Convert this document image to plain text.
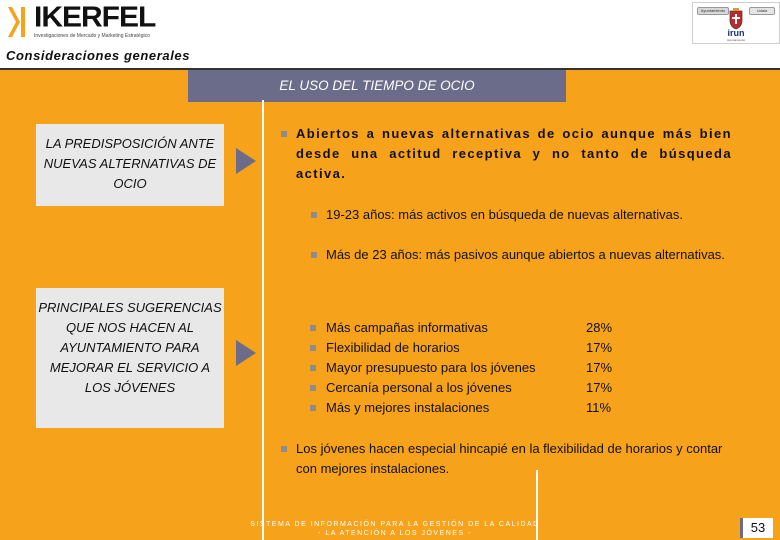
IKERFEL
Investigaciones de Mercado y Marketing Estratégico
Ayuntamiento	Udala
irun
Ayuntamiento
Consideraciones generales
EL USO DEL TIEMPO DE OCIO
LA PREDISPOSICIÓN ANTE NUEVAS ALTERNATIVAS DE OCIO
PRINCIPALES SUGERENCIAS QUE NOS HACEN AL AYUNTAMIENTO PARA MEJORAR EL SERVICIO A LOS JÓVENES
Abiertos a nuevas alternativas de ocio aunque más bien desde una actitud receptiva y no tanto de búsqueda activa.
19-23 años: más activos en búsqueda de nuevas alternativas.
Más de 23 años: más pasivos aunque abiertos a nuevas alternativas.
Más campañas informativas	28%
Flexibilidad de horarios	17%
Mayor presupuesto para los jóvenes	17%
Cercanía personal a los jóvenes	17%
Más y mejores instalaciones	11%
Los jóvenes hacen especial hincapié en la flexibilidad de horarios y contar con mejores instalaciones.
SISTEMA DE INFORMACIÓN PARA LA GESTIÓN DE LA CALIDAD
- LA ATENCIÓN A LOS JÓVENES -	53
